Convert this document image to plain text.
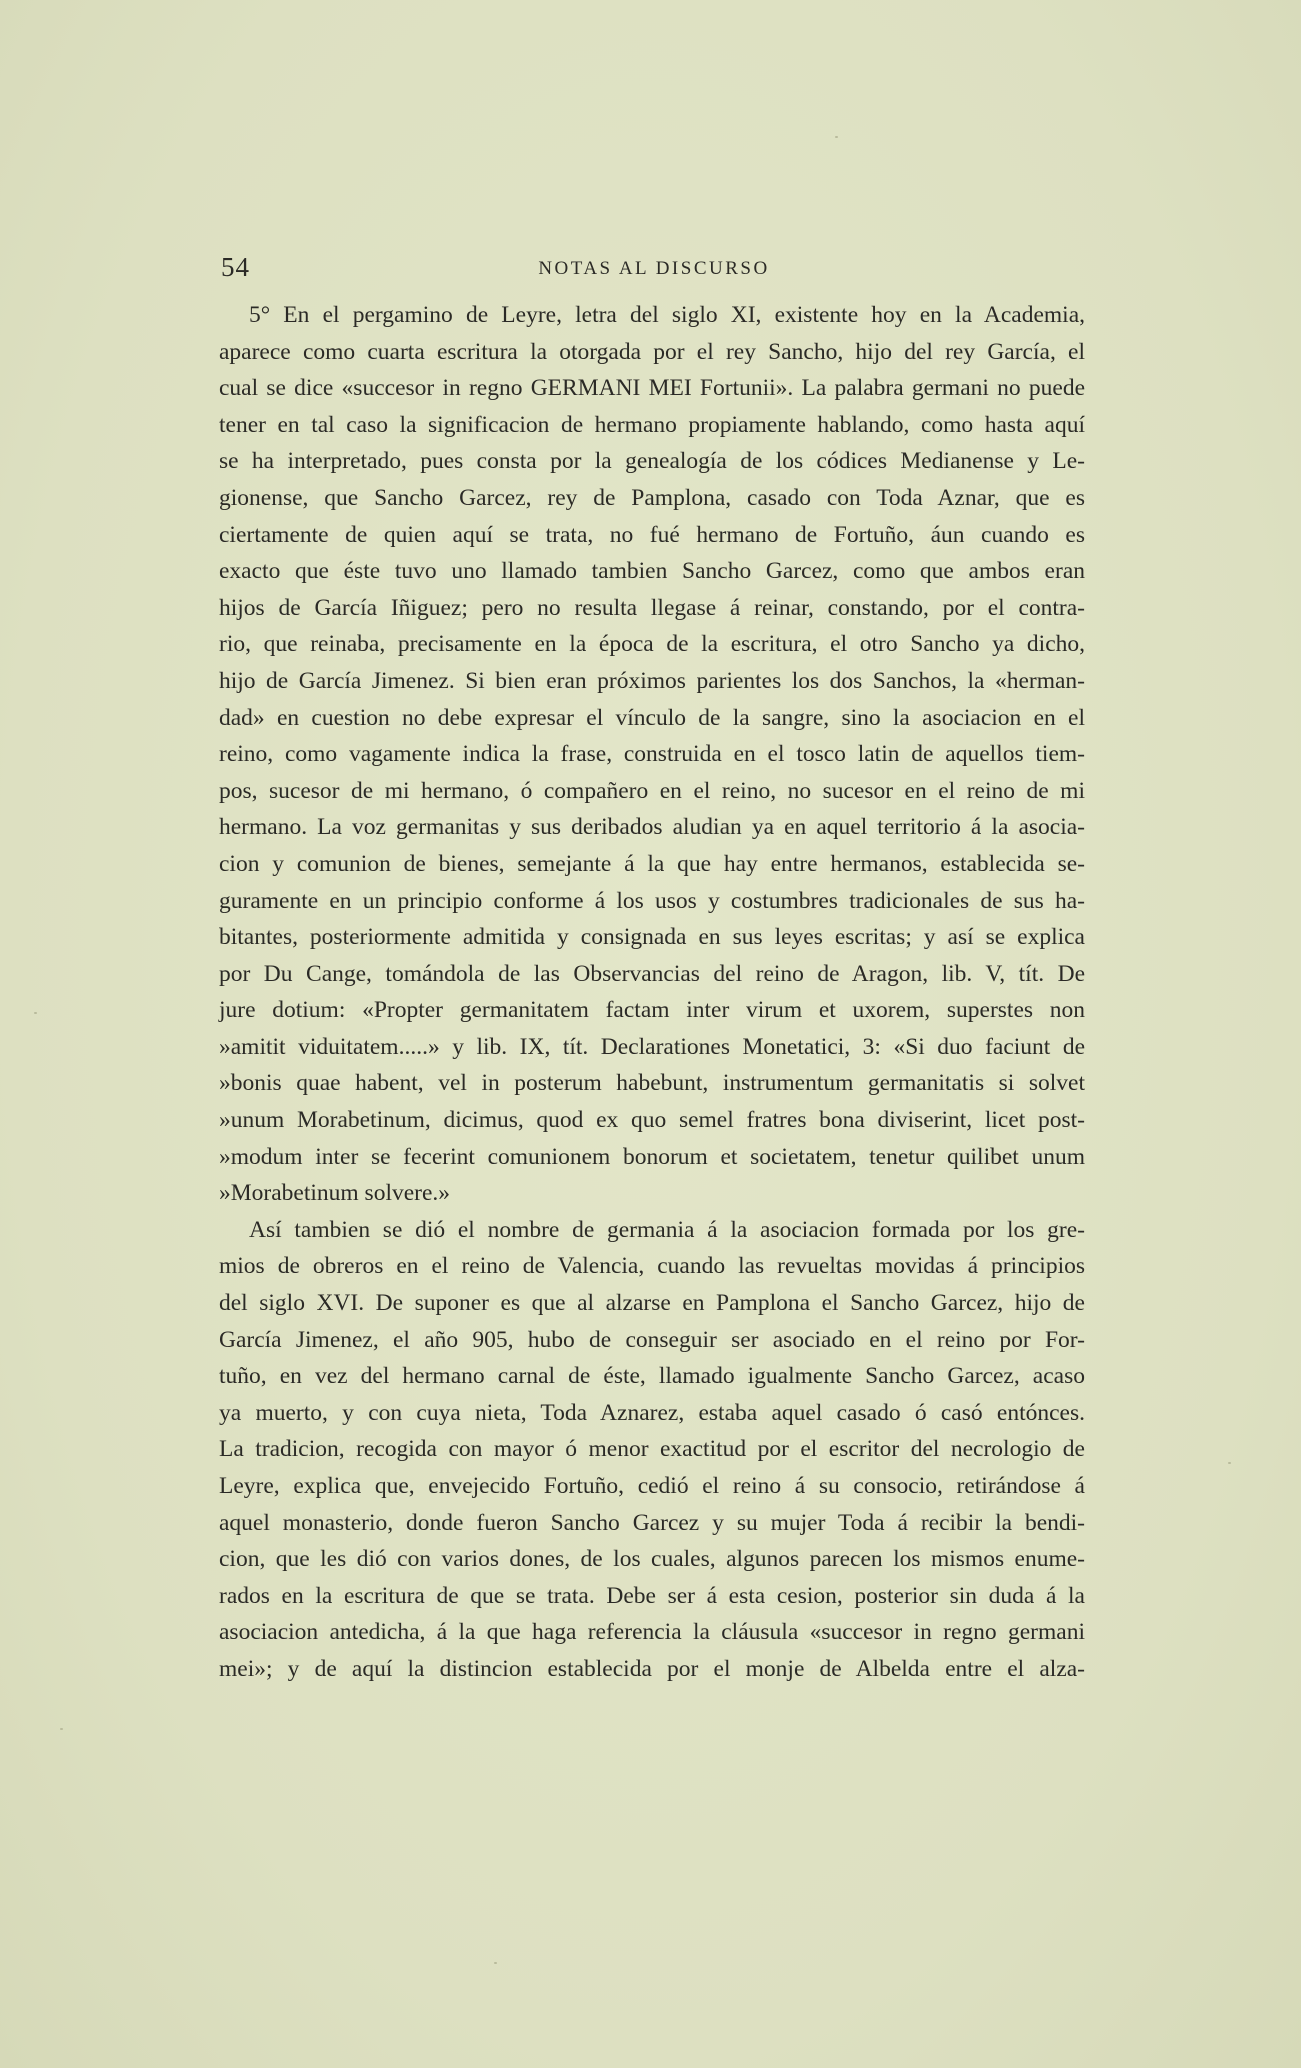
54	NOTAS AL DISCURSO
5° En el pergamino de Leyre, letra del siglo XI, existente hoy en la Academia,
aparece como cuarta escritura la otorgada por el rey Sancho, hijo del rey García, el
cual se dice «succesor in regno GERMANI MEI Fortunii». La palabra germani no puede
tener en tal caso la significacion de hermano propiamente hablando, como hasta aquí
se ha interpretado, pues consta por la genealogía de los códices Medianense y Le-
gionense, que Sancho Garcez, rey de Pamplona, casado con Toda Aznar, que es
ciertamente de quien aquí se trata, no fué hermano de Fortuño, áun cuando es
exacto que éste tuvo uno llamado tambien Sancho Garcez, como que ambos eran
hijos de García Iñiguez; pero no resulta llegase á reinar, constando, por el contra-
rio, que reinaba, precisamente en la época de la escritura, el otro Sancho ya dicho,
hijo de García Jimenez. Si bien eran próximos parientes los dos Sanchos, la «herman-
dad» en cuestion no debe expresar el vínculo de la sangre, sino la asociacion en el
reino, como vagamente indica la frase, construida en el tosco latin de aquellos tiem-
pos, sucesor de mi hermano, ó compañero en el reino, no sucesor en el reino de mi
hermano. La voz germanitas y sus deribados aludian ya en aquel territorio á la asocia-
cion y comunion de bienes, semejante á la que hay entre hermanos, establecida se-
guramente en un principio conforme á los usos y costumbres tradicionales de sus ha-
bitantes, posteriormente admitida y consignada en sus leyes escritas; y así se explica
por Du Cange, tomándola de las Observancias del reino de Aragon, lib. V, tít. De
jure dotium: «Propter germanitatem factam inter virum et uxorem, superstes non
»amitit viduitatem.....» y lib. IX, tít. Declarationes Monetatici, 3: «Si duo faciunt de
»bonis quae habent, vel in posterum habebunt, instrumentum germanitatis si solvet
»unum Morabetinum, dicimus, quod ex quo semel fratres bona diviserint, licet post-
»modum inter se fecerint comunionem bonorum et societatem, tenetur quilibet unum
»Morabetinum solvere.»
Así tambien se dió el nombre de germania á la asociacion formada por los gre-
mios de obreros en el reino de Valencia, cuando las revueltas movidas á principios
del siglo XVI. De suponer es que al alzarse en Pamplona el Sancho Garcez, hijo de
García Jimenez, el año 905, hubo de conseguir ser asociado en el reino por For-
tuño, en vez del hermano carnal de éste, llamado igualmente Sancho Garcez, acaso
ya muerto, y con cuya nieta, Toda Aznarez, estaba aquel casado ó casó entónces.
La tradicion, recogida con mayor ó menor exactitud por el escritor del necrologio de
Leyre, explica que, envejecido Fortuño, cedió el reino á su consocio, retirándose á
aquel monasterio, donde fueron Sancho Garcez y su mujer Toda á recibir la bendi-
cion, que les dió con varios dones, de los cuales, algunos parecen los mismos enume-
rados en la escritura de que se trata. Debe ser á esta cesion, posterior sin duda á la
asociacion antedicha, á la que haga referencia la cláusula «succesor in regno germani
mei»; y de aquí la distincion establecida por el monje de Albelda entre el alza-
